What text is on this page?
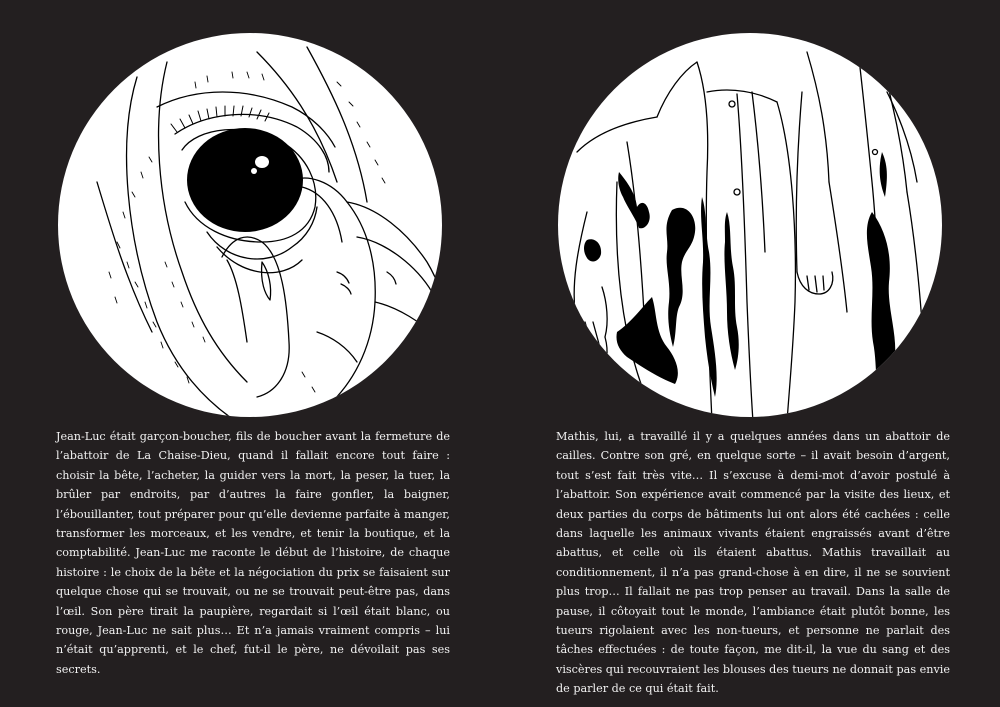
Jean-Luc était garçon-boucher, fils de boucher avant la fermeture de l’abattoir de La Chaise-Dieu, quand il fallait encore tout faire : choisir la bête, l’acheter, la guider vers la mort, la peser, la tuer, la brûler par endroits, par d’autres la faire gonfler, la baigner, l’ébouillanter, tout préparer pour qu’elle devienne parfaite à manger, transformer les morceaux, et les vendre, et tenir la boutique, et la comptabilité. Jean-Luc me raconte le début de l’histoire, de chaque histoire : le choix de la bête et la négociation du prix se faisaient sur quelque chose qui se trouvait, ou ne se trouvait peut-être pas, dans l’œil. Son père tirait la paupière, regardait si l’œil était blanc, ou rouge, Jean-Luc ne sait plus… Et n’a jamais vraiment compris – lui n’était qu’apprenti, et le chef, fut-il le père, ne dévoilait pas ses secrets.

Mathis, lui, a travaillé il y a quelques années dans un abattoir de cailles. Contre son gré, en quelque sorte – il avait besoin d’argent, tout s’est fait très vite… Il s’excuse à demi-mot d’avoir postulé à l’abattoir. Son expérience avait commencé par la visite des lieux, et deux parties du corps de bâtiments lui ont alors été cachées : celle dans laquelle les animaux vivants étaient engraissés avant d’être abattus, et celle où ils étaient abattus. Mathis travaillait au conditionnement, il n’a pas grand-chose à en dire, il ne se souvient plus trop… Il fallait ne pas trop penser au travail. Dans la salle de pause, il côtoyait tout le monde, l’ambiance était plutôt bonne, les tueurs rigolaient avec les non-tueurs, et personne ne parlait des tâches effectuées : de toute façon, me dit-il, la vue du sang et des viscères qui recouvraient les blouses des tueurs ne donnait pas envie de parler de ce qui était fait.
